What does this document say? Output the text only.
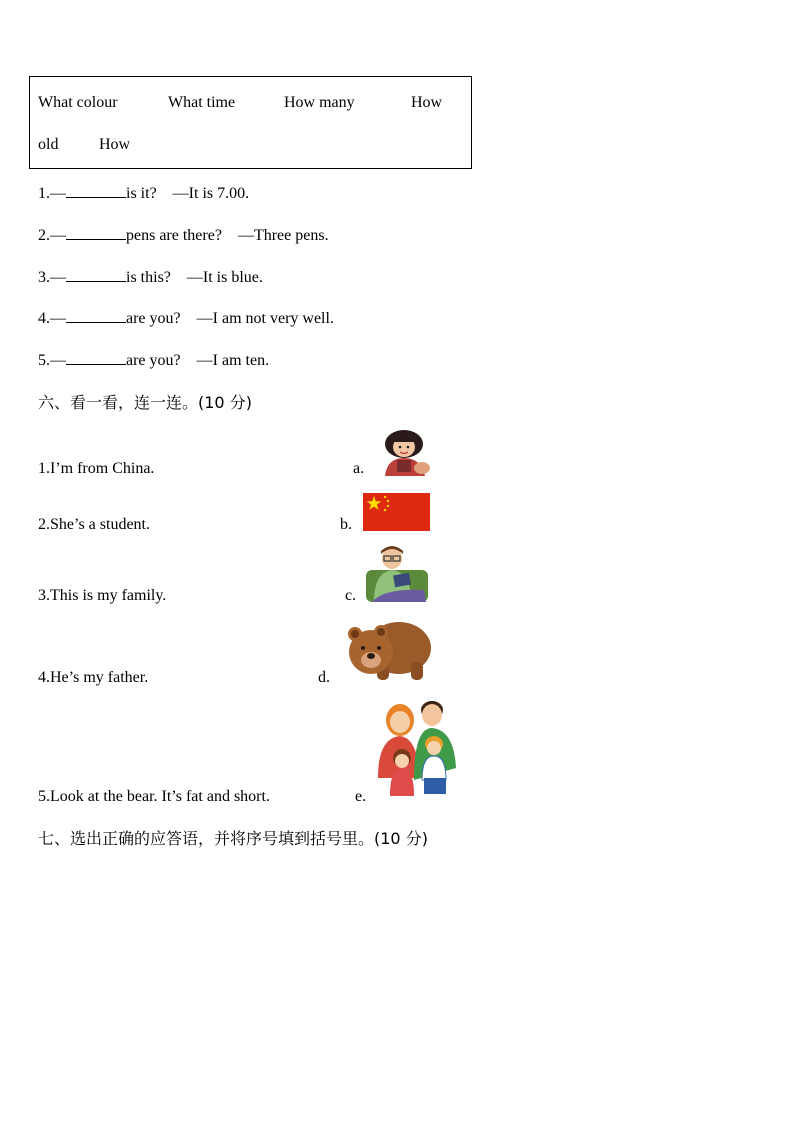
What colour	What time	How many	How
old	How
1.—	is it? —It is 7.00.
2.—	pens are there? —Three pens.
3.—	is this? —It is blue.
4.—	are you? —I am not very well.
5.—	are you? —I am ten.
六、看一看，连一连。(10 分)
1.I’m from China.
2.She’s a student.
3.This is my family.
4.He’s my father.
5.Look at the bear. It’s fat and short.
a.
b.
c.
d.
e.
七、选出正确的应答语，并将序号填到括号里。(10 分)
